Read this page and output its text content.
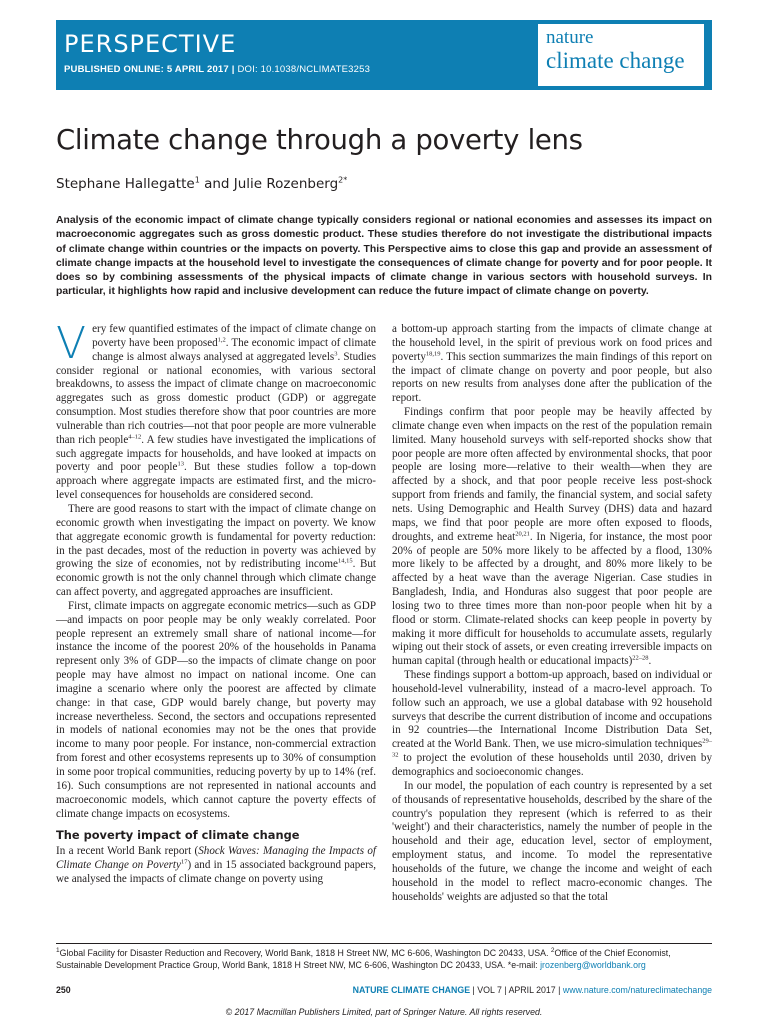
PERSPECTIVE
PUBLISHED ONLINE: 5 APRIL 2017 | DOI: 10.1038/NCLIMATE3253
nature
climate change
Climate change through a poverty lens
Stephane Hallegatte$^1$ and Julie Rozenberg$^{2*}$
Analysis of the economic impact of climate change typically considers regional or national economies and assesses its impact on macroeconomic aggregates such as gross domestic product. These studies therefore do not investigate the distributional impacts of climate change within countries or the impacts on poverty. This Perspective aims to close this gap and provide an assessment of climate change impacts at the household level to investigate the consequences of climate change for poverty and for poor people. It does so by combining assessments of the physical impacts of climate change in various sectors with household surveys. In particular, it highlights how rapid and inclusive development can reduce the future impact of climate change on poverty.

Very few quantified estimates of the impact of climate change on poverty have been proposed$^{1,2}$. The economic impact of climate change is almost always analysed at aggregated levels$^3$. Studies consider regional or national economies, with various sectoral breakdowns, to assess the impact of climate change on macroeconomic aggregates such as gross domestic product (GDP) or aggregate consumption. Most studies therefore show that poor countries are more vulnerable than rich coutries—not that poor people are more vulnerable than rich people$^{4-12}$. A few studies have investigated the implications of such aggregate impacts for households, and have looked at impacts on poverty and poor people$^{13}$. But these studies follow a top-down approach where aggregate impacts are estimated first, and the micro-level consequences for households are considered second.

There are good reasons to start with the impact of climate change on economic growth when investigating the impact on poverty. We know that aggregate economic growth is fundamental for poverty reduction: in the past decades, most of the reduction in poverty was achieved by growing the size of economies, not by redistributing income$^{14,15}$. But economic growth is not the only channel through which climate change can affect poverty, and aggregated approaches are insufficient.

First, climate impacts on aggregate economic metrics—such as GDP—and impacts on poor people may be only weakly correlated. Poor people represent an extremely small share of national income—for instance the income of the poorest 20% of the households in Panama represent only 3% of GDP—so the impacts of climate change on poor people may have almost no impact on national income. One can imagine a scenario where only the poorest are affected by climate change: in that case, GDP would barely change, but poverty may increase nevertheless. Second, the sectors and occupations represented in models of national economies may not be the ones that provide income to many poor people. For instance, non-commercial extraction from forest and other ecosystems represents up to 30% of consumption in some poor tropical communities, reducing poverty by up to 14% (ref. 16). Such consumptions are not represented in national accounts and macroeconomic models, which cannot capture the poverty effects of climate change impacts on ecosystems.

The poverty impact of climate change

In a recent World Bank report (Shock Waves: Managing the Impacts of Climate Change on Poverty$^{17}$) and in 15 associated background papers, we analysed the impacts of climate change on poverty using

a bottom-up approach starting from the impacts of climate change at the household level, in the spirit of previous work on food prices and poverty$^{18,19}$. This section summarizes the main findings of this report on the impact of climate change on poverty and poor people, but also reports on new results from analyses done after the publication of the report.

Findings confirm that poor people may be heavily affected by climate change even when impacts on the rest of the population remain limited. Many household surveys with self-reported shocks show that poor people are more often affected by environmental shocks, that poor people are losing more—relative to their wealth—when they are affected by a shock, and that poor people receive less post-shock support from friends and family, the financial system, and social safety nets. Using Demographic and Health Survey (DHS) data and hazard maps, we find that poor people are more often exposed to floods, droughts, and extreme heat$^{20,21}$. In Nigeria, for instance, the most poor 20% of people are 50% more likely to be affected by a flood, 130% more likely to be affected by a drought, and 80% more likely to be affected by a heat wave than the average Nigerian. Case studies in Bangladesh, India, and Honduras also suggest that poor people are losing two to three times more than non-poor people when hit by a flood or storm. Climate-related shocks can keep people in poverty by making it more difficult for households to accumulate assets, regularly wiping out their stock of assets, or even creating irreversible impacts on human capital (through health or educational impacts)$^{22-28}$.

These findings support a bottom-up approach, based on individual or household-level vulnerability, instead of a macro-level approach. To follow such an approach, we use a global database with 92 household surveys that describe the current distribution of income and occupations in 92 countries—the International Income Distribution Data Set, created at the World Bank. Then, we use micro-simulation techniques$^{29-32}$ to project the evolution of these households until 2030, driven by demographics and socioeconomic changes.

In our model, the population of each country is represented by a set of thousands of representative households, described by the share of the country's population they represent (which is referred to as their 'weight') and their characteristics, namely the number of people in the household and their age, education level, sector of employment, employment status, and income. To model the representative households of the future, we change the income and weight of each household in the model to reflect macro-economic changes. The households' weights are adjusted so that the total

$^1$Global Facility for Disaster Reduction and Recovery, World Bank, 1818 H Street NW, MC 6-606, Washington DC 20433, USA. $^2$Office of the Chief Economist, Sustainable Development Practice Group, World Bank, 1818 H Street NW, MC 6-606, Washington DC 20433, USA. *e-mail: jrozenberg@worldbank.org
250	NATURE CLIMATE CHANGE | VOL 7 | APRIL 2017 | www.nature.com/natureclimatechange
© 2017 Macmillan Publishers Limited, part of Springer Nature. All rights reserved.
